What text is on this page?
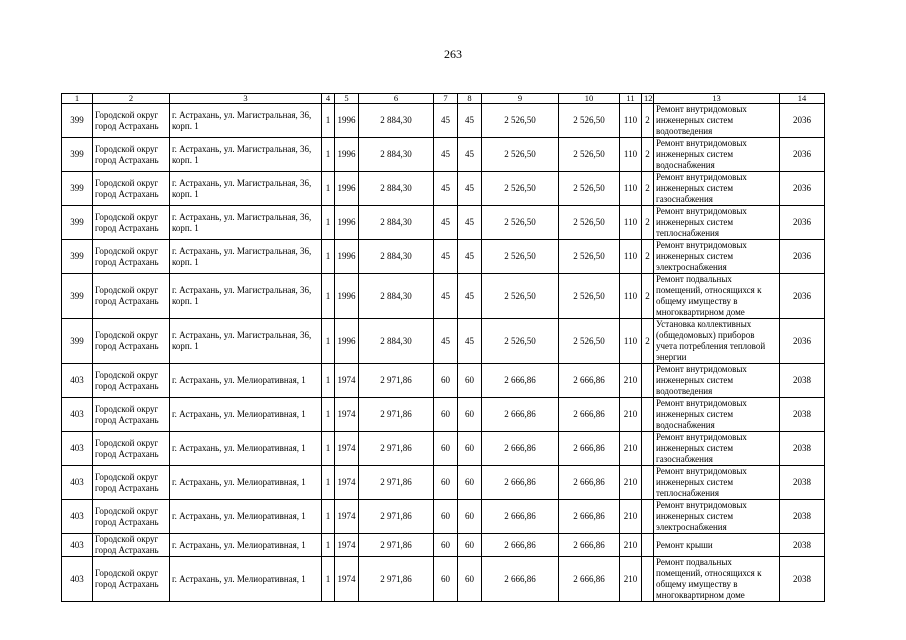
263
1	2	3	4	5	6	7	8	9	10	11	12	13	14
399	Городской округ город Астрахань	г. Астрахань, ул. Магистральная, 36, корп. 1	1	1996	2 884,30	45	45	2 526,50	2 526,50	110	2	Ремонт внутридомовых инженерных систем водоотведения	2036
399	Городской округ город Астрахань	г. Астрахань, ул. Магистральная, 36, корп. 1	1	1996	2 884,30	45	45	2 526,50	2 526,50	110	2	Ремонт внутридомовых инженерных систем водоснабжения	2036
399	Городской округ город Астрахань	г. Астрахань, ул. Магистральная, 36, корп. 1	1	1996	2 884,30	45	45	2 526,50	2 526,50	110	2	Ремонт внутридомовых инженерных систем газоснабжения	2036
399	Городской округ город Астрахань	г. Астрахань, ул. Магистральная, 36, корп. 1	1	1996	2 884,30	45	45	2 526,50	2 526,50	110	2	Ремонт внутридомовых инженерных систем теплоснабжения	2036
399	Городской округ город Астрахань	г. Астрахань, ул. Магистральная, 36, корп. 1	1	1996	2 884,30	45	45	2 526,50	2 526,50	110	2	Ремонт внутридомовых инженерных систем электроснабжения	2036
399	Городской округ город Астрахань	г. Астрахань, ул. Магистральная, 36, корп. 1	1	1996	2 884,30	45	45	2 526,50	2 526,50	110	2	Ремонт подвальных помещений, относящихся к общему имуществу в многоквартирном доме	2036
399	Городской округ город Астрахань	г. Астрахань, ул. Магистральная, 36, корп. 1	1	1996	2 884,30	45	45	2 526,50	2 526,50	110	2	Установка коллективных (общедомовых) приборов учета потребления тепловой энергии	2036
403	Городской округ город Астрахань	г. Астрахань, ул. Мелиоративная, 1	1	1974	2 971,86	60	60	2 666,86	2 666,86	210		Ремонт внутридомовых инженерных систем водоотведения	2038
403	Городской округ город Астрахань	г. Астрахань, ул. Мелиоративная, 1	1	1974	2 971,86	60	60	2 666,86	2 666,86	210		Ремонт внутридомовых инженерных систем водоснабжения	2038
403	Городской округ город Астрахань	г. Астрахань, ул. Мелиоративная, 1	1	1974	2 971,86	60	60	2 666,86	2 666,86	210		Ремонт внутридомовых инженерных систем газоснабжения	2038
403	Городской округ город Астрахань	г. Астрахань, ул. Мелиоративная, 1	1	1974	2 971,86	60	60	2 666,86	2 666,86	210		Ремонт внутридомовых инженерных систем теплоснабжения	2038
403	Городской округ город Астрахань	г. Астрахань, ул. Мелиоративная, 1	1	1974	2 971,86	60	60	2 666,86	2 666,86	210		Ремонт внутридомовых инженерных систем электроснабжения	2038
403	Городской округ город Астрахань	г. Астрахань, ул. Мелиоративная, 1	1	1974	2 971,86	60	60	2 666,86	2 666,86	210		Ремонт крыши	2038
403	Городской округ город Астрахань	г. Астрахань, ул. Мелиоративная, 1	1	1974	2 971,86	60	60	2 666,86	2 666,86	210		Ремонт подвальных помещений, относящихся к общему имуществу в многоквартирном доме	2038
